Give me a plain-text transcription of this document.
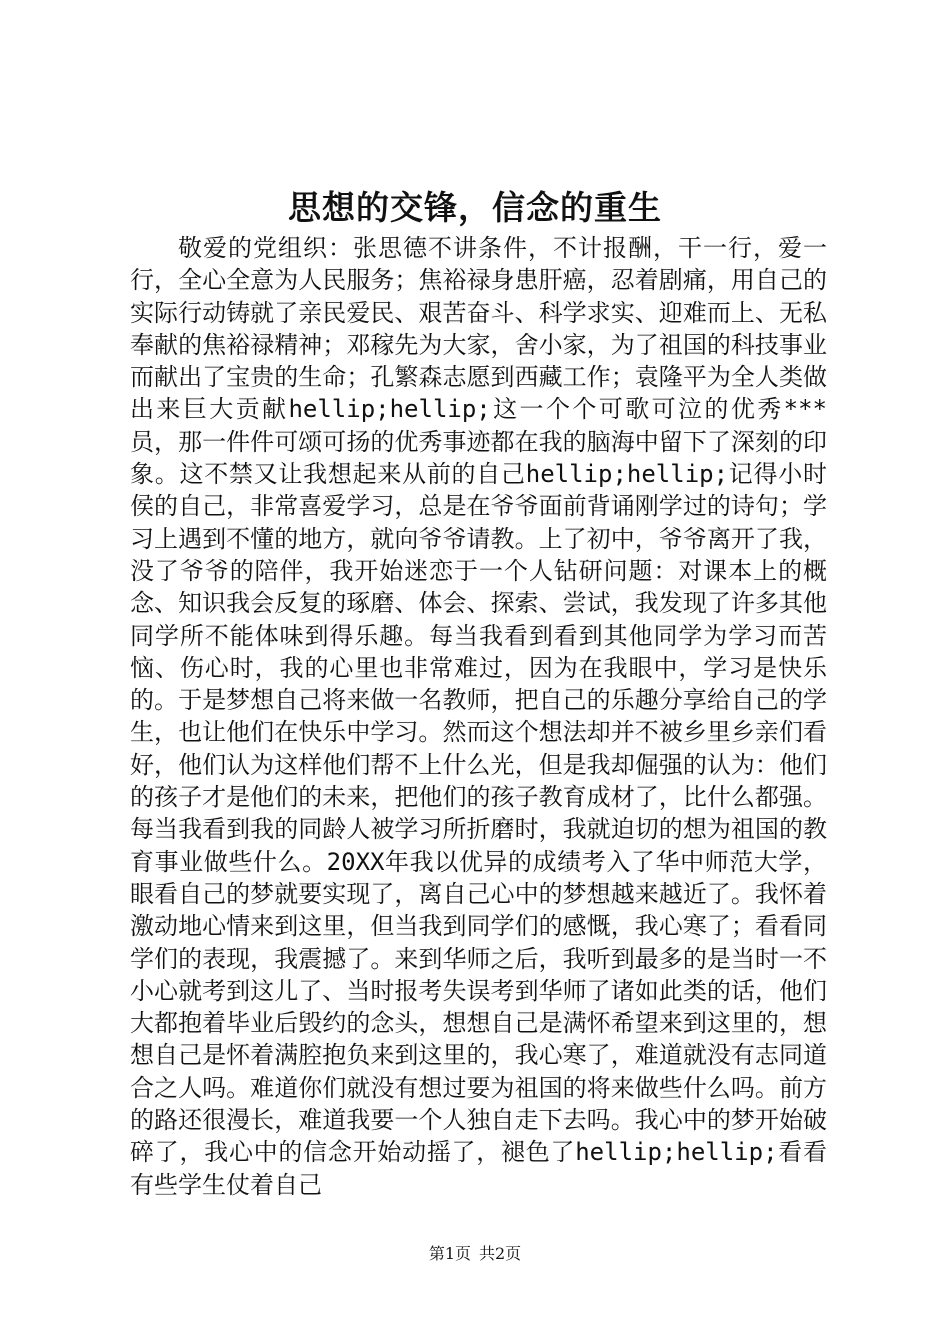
思想的交锋，信念的重生

敬爱的党组织：张思德不讲条件，不计报酬，干一行，爱一行，全心全意为人民服务；焦裕禄身患肝癌，忍着剧痛，用自己的实际行动铸就了亲民爱民、艰苦奋斗、科学求实、迎难而上、无私奉献的焦裕禄精神；邓稼先为大家，舍小家，为了祖国的科技事业而献出了宝贵的生命；孔繁森志愿到西藏工作；袁隆平为全人类做出来巨大贡献hellip;hellip;这一个个可歌可泣的优秀***员，那一件件可颂可扬的优秀事迹都在我的脑海中留下了深刻的印象。这不禁又让我想起来从前的自己hellip;hellip;记得小时侯的自己，非常喜爱学习，总是在爷爷面前背诵刚学过的诗句；学习上遇到不懂的地方，就向爷爷请教。上了初中，爷爷离开了我，没了爷爷的陪伴，我开始迷恋于一个人钻研问题：对课本上的概念、知识我会反复的琢磨、体会、探索、尝试，我发现了许多其他同学所不能体味到得乐趣。每当我看到看到其他同学为学习而苦恼、伤心时，我的心里也非常难过，因为在我眼中，学习是快乐的。于是梦想自己将来做一名教师，把自己的乐趣分享给自己的学生，也让他们在快乐中学习。然而这个想法却并不被乡里乡亲们看好，他们认为这样他们帮不上什么光，但是我却倔强的认为：他们的孩子才是他们的未来，把他们的孩子教育成材了，比什么都强。每当我看到我的同龄人被学习所折磨时，我就迫切的想为祖国的教育事业做些什么。20XX年我以优异的成绩考入了华中师范大学，眼看自己的梦就要实现了，离自己心中的梦想越来越近了。我怀着激动地心情来到这里，但当我到同学们的感慨，我心寒了；看看同学们的表现，我震撼了。来到华师之后，我听到最多的是当时一不小心就考到这儿了、当时报考失误考到华师了诸如此类的话，他们大都抱着毕业后毁约的念头，想想自己是满怀希望来到这里的，想想自己是怀着满腔抱负来到这里的，我心寒了，难道就没有志同道合之人吗。难道你们就没有想过要为祖国的将来做些什么吗。前方的路还很漫长，难道我要一个人独自走下去吗。我心中的梦开始破碎了，我心中的信念开始动摇了，褪色了hellip;hellip;看看有些学生仗着自己

第1页 共2页
